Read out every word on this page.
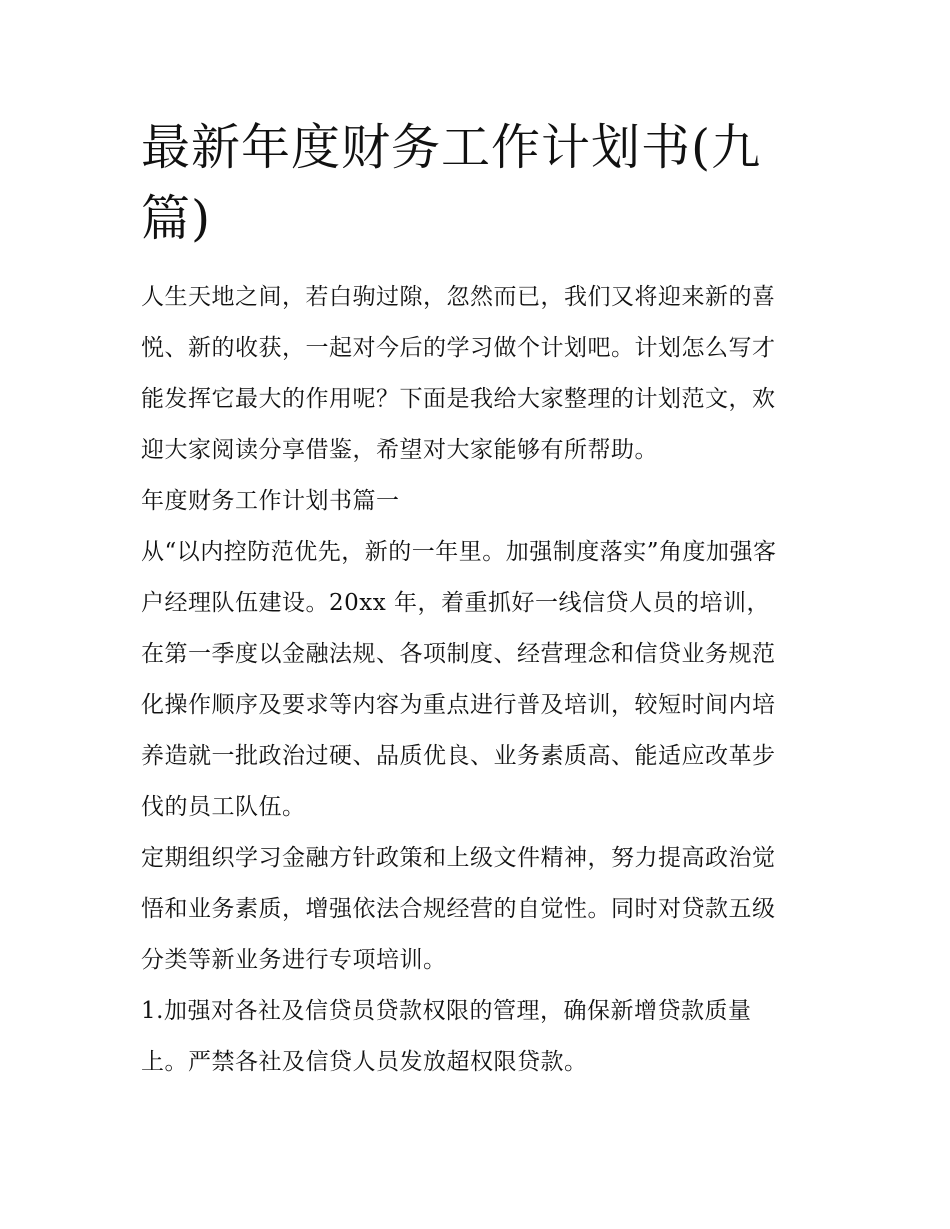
最新年度财务工作计划书(九
篇)

人生天地之间，若白驹过隙，忽然而已，我们又将迎来新的喜
悦、新的收获，一起对今后的学习做个计划吧。计划怎么写才
能发挥它最大的作用呢？下面是我给大家整理的计划范文，欢
迎大家阅读分享借鉴，希望对大家能够有所帮助。

年度财务工作计划书篇一

从“以内控防范优先，新的一年里。加强制度落实”角度加强客
户经理队伍建设。20xx 年，着重抓好一线信贷人员的培训，

在第一季度以金融法规、各项制度、经营理念和信贷业务规范
化操作顺序及要求等内容为重点进行普及培训，较短时间内培
养造就一批政治过硬、品质优良、业务素质高、能适应改革步
伐的员工队伍。

定期组织学习金融方针政策和上级文件精神，努力提高政治觉
悟和业务素质，增强依法合规经营的自觉性。同时对贷款五级
分类等新业务进行专项培训。

1.加强对各社及信贷员贷款权限的管理，确保新增贷款质量
上。严禁各社及信贷人员发放超权限贷款。
